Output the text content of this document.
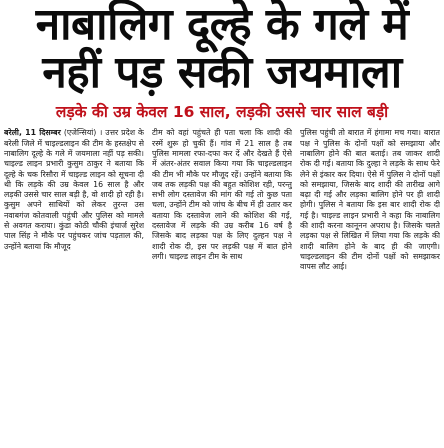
नाबालिग दूल्हे के गले में
नहीं पड़ सकी जयमाला
लड़के की उम्र केवल 16 साल, लड़की उससे चार साल बड़ी

बरेली, 11 दिसम्बर (एजेन्सियां) । उत्तर प्रदेश के बरेली जिले में चाइल्डलाइन की टीम के हस्तक्षेप से नाबालिग दूल्हे के गले में जयमाला नहीं पड़ सकी। चाइल्ड लाइन प्रभारी कुसुम ठाकुर ने बताया कि दूल्हे के चक रिसौरा में चाइल्ड लाइन को सूचना दी थी कि लड़के की उम्र केवल 16 साल है और लड़की उससे चार साल बड़ी है, वो शादी हो रही है। कुसुम अपने साथियों को लेकर तुरन्त उस नवाबगंज कोतवाली पहुंची और पुलिस को मामले से अवगत कराया। कुंडा कोठी चौकी इंचार्ज सुरेश पाल सिंह ने मौके पर पहुंचकर जांच पड़ताल की, उन्होंने बताया कि मौजूद

टीम को वहां पहुंचते ही पता चला कि शादी की रस्में शुरू हो चुकी हैं। गांव में 21 साल है तब पुलिस मामला रफा-दफा कर दें और देखते हैं ऐसे में अंतर-अंतर सवाल किया गया कि चाइल्डलाइन की टीम भी मौके पर मौजूद रहें। उन्होंने बताया कि जब तक लड़की पक्ष की बहुत कोशिश रही, परन्तु सभी लोग दस्तावेज की मांग की गई तो कुछ पता चला, उन्होंने टीम को जांच के बीच में ही उतार कर बताया कि दस्तावेज लाने की कोशिश की गई, दस्तावेज में लड़के की उम्र करीब 16 वर्ष है जिसके बाद लड़का पक्ष के लिए दुल्हन पक्ष ने शादी रोक दी, इस पर लड़की पक्ष में बात होने लगी। चाइल्ड लाइन टीम के साथ

पुलिस पहुंची तो बारात में हंगामा मच गया। बारात पक्ष ने पुलिस के दोनों पक्षों को समझाया और नाबालिग होने की बात बताई। तब जाकर शादी रोक दी गई। बताया कि दुल्हा ने लड़के के साथ फेरे लेने से इंकार कर दिया। ऐसे में पुलिस ने दोनों पक्षों को समझाया, जिसके बाद शादी की तारीख आगे बढ़ा दी गई और लड़का बालिग होने पर ही शादी होगी। पुलिस ने बताया कि इस बार शादी रोक दी गई है। चाइल्ड लाइन प्रभारी ने कहा कि नाबालिग की शादी करना कानूनन अपराध है। जिसके चलते लड़का पक्ष से लिखित में लिया गया कि लड़के की शादी बालिग होने के बाद ही की जाएगी। चाइल्डलाइन की टीम दोनों पक्षों को समझाकर वापस लौट आई।
